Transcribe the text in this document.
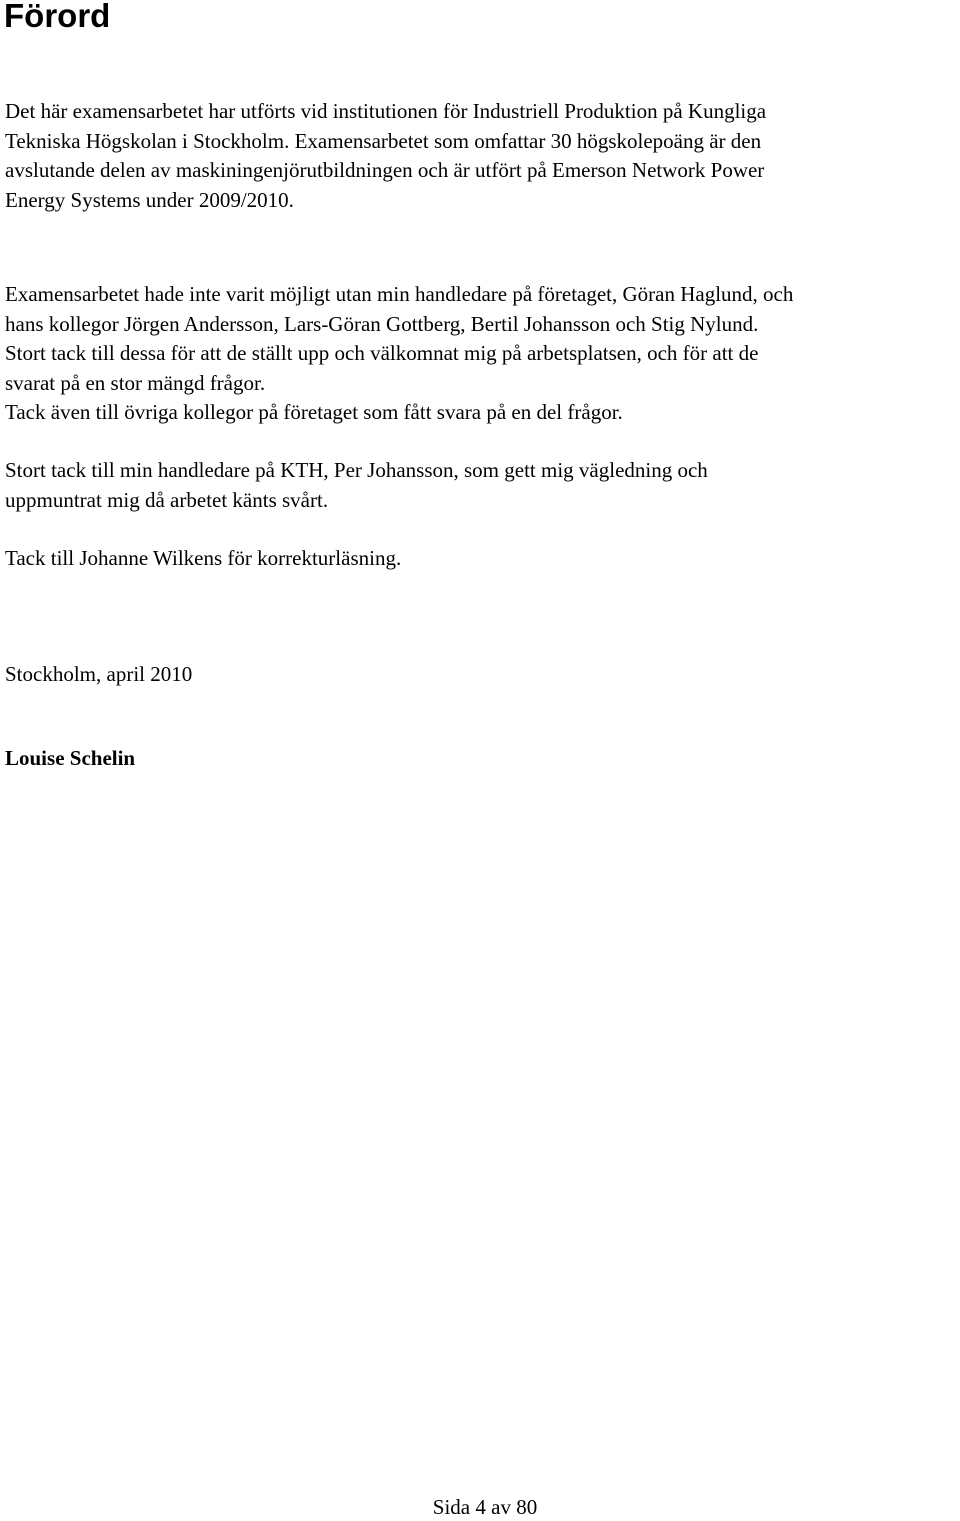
Förord

Det här examensarbetet har utförts vid institutionen för Industriell Produktion på Kungliga
Tekniska Högskolan i Stockholm. Examensarbetet som omfattar 30 högskolepoäng är den
avslutande delen av maskiningenjörutbildningen och är utfört på Emerson Network Power
Energy Systems under 2009/2010.

Examensarbetet hade inte varit möjligt utan min handledare på företaget, Göran Haglund, och
hans kollegor Jörgen Andersson, Lars-Göran Gottberg, Bertil Johansson och Stig Nylund.
Stort tack till dessa för att de ställt upp och välkomnat mig på arbetsplatsen, och för att de
svarat på en stor mängd frågor.
Tack även till övriga kollegor på företaget som fått svara på en del frågor.

Stort tack till min handledare på KTH, Per Johansson, som gett mig vägledning och
uppmuntrat mig då arbetet känts svårt.

Tack till Johanne Wilkens för korrekturläsning.

Stockholm, april 2010

Louise Schelin

Sida 4 av 80
